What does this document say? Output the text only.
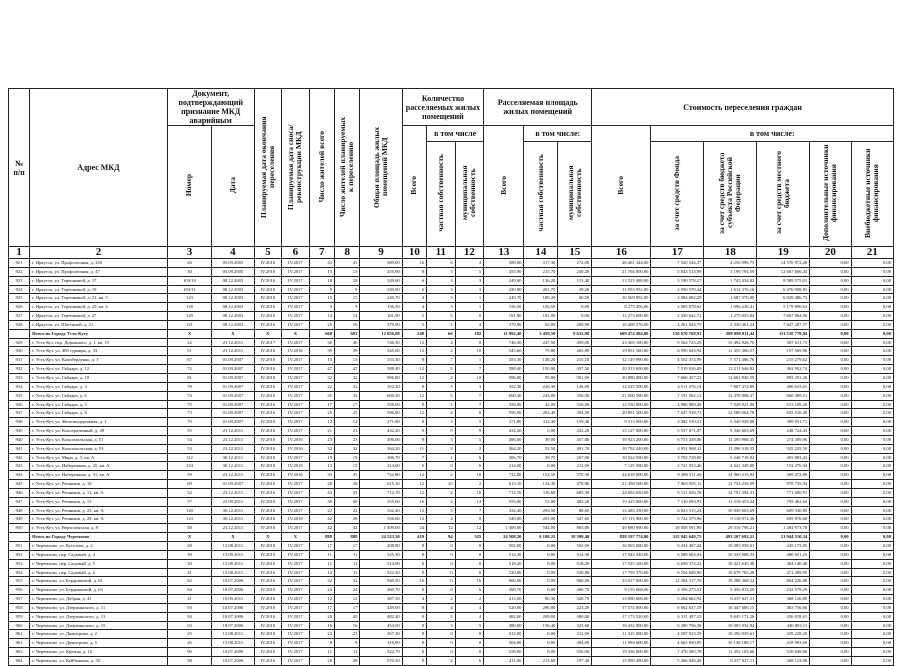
№
п/п	Адрес МКД	Документ, подтверждающий признание МКД аварийным		Планируемая дата окончания переселения	Планируемая дата сноса/реконструкции МКД	Число жителей всего	Число жителей планируемых к переселению	Общая площадь жилых помещений МКД	Количество расселяемых жилых помещений			Расселяемая площадь жилых помещений			Стоимость переселения граждан					
		Номер	Дата						Всего	в том числе		Всего	в том числе:		Всего	в том числе:				
										частная собственность	муниципальная собственность		частная собственность	муниципальная собственность		за счет средств Фонда	за счет средств бюджета субъекта Российской Федерации	за счет средств местного бюджета	Дополнительные источники финансирования	Внебюджетные источники финансирования

1	2	3	4	5	6	7	8	9	10	11	12	13	14	15	16	17	18	19	20	21
921	г. Иркутск, ул. Профсоюзная, д. 25б	26	05.09.2005	IV.2016	IV.2017	43	41	589,00	16	6	4	589,00	317,30	272,00	26 461 344,00	7 520 544,37	4 256 999,75	14 576 972,28	0,00	0,00
922	г. Иркутск, ул. Профсоюзная, д. 47	30	05.09.2005	IV.2016	IV.2017	13	13	455,90	8	3	5	455,90	215,70	240,20	21 704 000,00	5 843 514,98	3 199 794,59	12 667 666,43	0,00	0,00
923	г. Иркутск, ул. Терешковой, д. 17	103/10	08.12.2003	IV.2016	IV.2017	18	18	249,60	6	3	3	249,60	136,20	113,40	13 523 488,00	3 190 578,17	1 745 454,82	8 589 575,01	0,00	0,00
924	г. Иркутск, ул. Терешковой, д. 19	103/11	08.12.2003	IV.2016	IV.2017	9	9	230,90	6	3	3	230,90	201,70	29,20	11 053 952,00	2 950 570,44	1 614 376,16	6 476 908,81	0,00	0,00
925	г. Иркутск, ул. Терешковой, д. 21, кв. 5	123	08.12.2003	IV.2016	IV.2017	15	15	240,70	4	3	1	240,70	180,20	60,50	10 569 992,00	3 084 682,29	1 687 370,00	6 029 486,73	0,00	0,00
926	г. Иркутск, ул. Терешковой, д. 25, кв. 6	128	08.12.2003	IV.2016	IV.2017	9	9	156,50	4	3	1	156,50	156,50	0,00	8 275 456,00	2 005 078,62	1 096 230,41	5 179 896,63	0,00	0,00
927	г. Иркутск, ул. Терешковой, д. 27	129	08.12.2003	IV.2016	IV.2017	14	14	181,90	5	5	0	181,90	181,90	0,00	11 273 600,00	2 330 642,72	1 275 055,84	7 667 864,96	0,00	0,00
928	г. Иркутск, ул. Шастиной, д. 21	121	08.12.2003	IV.2016	IV.2017	25	16	379,90	5	1	4	379,90	62,00	289,90	16 408 576,00	4 261 024,79	2 330 361,24	7 847 287,57	0,00	0,00
	Итого по Городу Усть-Куту	X	X	X	X	660	603	12 056,08	248	66	182	11 992,40	3 459,50	8 632,90	609 474 484,00	150 670 768,91	208 090 911,44	111 518 779,04	0,00	0,00
929	г. Усть-Кут, пер. Дорожного, д. 1, кв. 10	22	23.12.2011	IV.2017	IV.2017	30	30	746,50	12	4	8	746,50	247,50	499,00	23 365 100,00	9 564 725,29	15 492 826,70	507 611,73	0,00	0,00
930	г. Усть-Кут, ул. 400 турнира, д. 33	51	23.12.2011	IV.2016	IV.2016	39	39	545,60	12	2	10	545,60	79,80	465,80	19 851 560,00	6 990 643,94	11 355 306,57	197 569,96	0,00	0,00
931	г. Усть-Кут, ул. Калиберденко, д. 3	67	01.09.2007	IV.2016	IV.2017	13	13	353,30	8	7	1	353,30	138,20	215,10	12 149 990,00	4 552 374,99	7 571 486,76	215 279,62	0,00	0,00
932	г. Усть-Кут, ул. Гайдара, д. 12	72	01.09.2007	IV.2016	IV.2017	47	47	588,40	12	5	7	588,40	150,90	437,50	20 313 600,00	7 519 026,09	12 211 646,82	462 952,74	0,00	0,00
933	г. Усть-Кут, ул. Гайдара, д. 18	81	01.09.2007	IV.2016	IV.2017	32	32	996,80	12	2	10	996,80	95,80	901,00	20 880 000,00	7 666 457,33	12 661 840,59	893 253,26	0,00	0,00
934	г. Усть-Кут, ул. Гайдара, д. 4	78	01.09.2007	IV.2016	IV.2017	22	22	352,30	8	5	3	352,30	226,30	126,00	12 525 500,00	4 511 376,14	7 807 472,89	406 653,01	0,00	0,00
935	г. Усть-Кут, ул. Гайдара, д. 6	74	01.09.2007	IV.2016	IV.2017	35	35	600,30	12	5	7	600,30	243,80	356,50	21 000 500,00	7 191 502,12	12 478 808,37	860 389,51	0,00	0,00
936	г. Усть-Кут, ул. Гайдара, д. 5	75	01.09.2007	IV.2016	IV.2017	17	17	358,00	8	1	7	358,00	42,00	316,00	12 530 000,00	4 986 969,49	7 029 921,00	513 109,20	0,00	0,00
937	г. Усть-Кут, ул. Гайдара, д. 8	73	01.09.2007	IV.2016	IV.2017	25	25	596,90	12	4	8	596,90	202,40	394,50	20 891 500,00	7 647 918,73	12 588 064,78	655 516,49	0,00	0,00
938	г. Усть-Кут, ул. Железнодорожная, д. 1	70	01.09.2007	IV.2016	IV.2017	12	12	271,80	8	3	5	271,80	112,40	159,40	9 513 000,00	3 482 539,21	5 540 929,08	389 931,71	0,00	0,00
939	г. Усть-Кут, ул. Кооперативный, д. 49	55	23.12.2011	IV.2016	IV.2017	21	21	432,20	9	0	9	432,20	0,00	432,20	15 127 000,00	5 537 671,87	9 340 603,69	248 724,43	0,00	0,00
940	г. Усть-Кут, ул. Комсомольская, д. 51	54	23.12.2011	IV.2016	IV.2016	23	23	496,00	8	3	5	496,00	39,00	457,00	18 923 200,00	6 753 338,06	11 295 968,35	274 309,96	0,00	0,00
941	г. Усть-Кут, ул. Комсомольская, д. 53	53	23.12.2011	IV.2016	IV.2016	32	32	364,20	11	9	2	364,20	52,50	491,70	10 792 240,00	4 951 968,11	11 296 318,55	325 225,50	0,00	0,00
942	г. Усть-Кут, ул. Мира, д. 3, кв. А	112	30.12.2011	IV.2016	IV.2017	19	19	306,70	7	1	6	306,70	39,70	267,00	10 524 500,00	3 702 728,00	6 246 718,82	455 983,42	0,00	0,00
943	г. Усть-Кут, ул. Набережная, д. 25, кв. А	134	30.12.2011	IV.2016	IV.2018	13	13	214,00	6	0	6	214,00	0,00	214,00	7 125 500,00	2 741 933,46	4 641 349,00	152 276,94	0,00	0,00
944	г. Усть-Кут, ул. Набережная, д. 31, кв. А	59	23.12.2011	IV.2016	IV.2016	35	35	722,80	12	2	10	722,80	152,50	570,30	24 618 000,00	9 288 311,26	14 960 215,94	369 472,80	0,00	0,00
945	г. Усть-Кут, ул. Речников, д. 10	69	01.09.2007	IV.2016	IV.2017	28	28	615,10	12	10	2	615,10	134,30	478,80	21 458 500,00	7 865 505,11	12 734 239,09	878 735,94	0,00	0,00
946	г. Усть-Кут, ул. Речников, д. 11, кв. А	52	23.12.2011	IV.2016	IV.2017	43	43	712,70	12	2	10	712,70	116,60	605,30	24 694 630,00	9 131 656,78	14 791 394,31	771 600,91	0,00	0,00
947	г. Усть-Кут, ул. Речников, д. 13	57	23.09.2011	IV.2016	IV.2017	30	30	555,00	16	2	14	555,00	72,80	482,20	19 425 000,00	7 110 093,93	11 519 453,44	795 462,64	0,00	0,00
948	г. Усть-Кут, ул. Речников, д. 23, кв. А	120	30.12.2011	IV.2016	IV.2017	22	22	332,40	12	5	7	332,40	293,50	88,60	14 483 250,00	6 023 315,24	10 049 603,69	609 330,85	0,00	0,00
949	г. Усть-Кут, ул. Речников, д. 29, кв. А	123	30.12.2011	IV.2016	IV.2018	42	38	556,60	12	4	8	549,00	201,00	347,60	15 115 900,00	5 722 379,96	9 118 972,36	695 876,68	0,00	0,00
950	г. Усть-Кут, ул. Верхоленская, д. 8	58	23.12.2011	IV.2016	IV.2017	42	42	1 409,00	24	12	12	1 409,00	544,00	865,00	49 880 990,00	18 058 591,90	29 316 796,21	1 484 973,78	0,00	0,00
	Итого по Городу Черемхово	X	X	X	X	888	888	24 523,30	419	94	325	24 508,20	6 100,25	18 399,40	828 197 774,00	315 945 640,75	493 207 692,21	21 944 510,34	0,00	0,00
951	г. Черемхово, ул. Кутузова, д. 2	28	15.08.2011	IV.2016	IV.2017	17	17	498,80	8	0	8	502,00	0,00	502,00	16 965 600,00	6 434 467,44	10 085 958,61	445 173,95	0,00	0,00
952	г. Черемхово, пер. Садовый, д. 4	39	15.09.2011	IV.2015	IV.2017	11	11	525,30	8	0	8	514,30	0,00	514,30	17 343 340,00	6 589 604,04	10 333 088,35	480 651,25	0,00	0,00
953	г. Черемхово, пер. Садовый, д. 5	30	15.08.2011	IV.2016	IV.2017	11	11	514,90	8	0	8	518,20	0,00	518,20	17 525 160,00	6 639 374,22	10 421 645,38	464 140,40	0,00	0,00
954	г. Черемхово, пер. Садовый, д. 6	31	15.08.2011	IV.2016	IV.2017	14	11	522,30	8	0	8	520,80	0,00	520,80	17 793 370,00	6 704 608,90	10 679 765,28	471 499,95	0,00	0,00
955	г. Черемхово, ул. Бердниковой, д. 61	62	10.07.2006	IV.2016	IV.2017	32	32	940,50	16	0	16	960,00	0,00	960,00	33 617 000,00	12 364 317,70	19 288 368,32	864 226,88	0,00	0,00
956	г. Черемхово, ул. Бердниковой, д. 63	64	10.07.2006	IV.2016	IV.2017	24	24	260,70	6	0	6	260,70	0,00	260,70	9 135 668,00	3 356 275,51	5 456 813,20	232 579,29	0,00	0,00
957	г. Черемхово, ул. Добрая, д. 41	31	10.09.2011	IV.2016	IV.2017	12	12	387,50	4	2	2	413,00	90,30	328,70	13 090 608,00	5 264 662,94	8 237 627,11	368 126,80	0,00	0,00
958	г. Черемхово, ул. Дзержинского, д. 11	93	10.07.2006	IV.2016	IV.2017	17	17	449,00	8	4	4	520,00	296,80	223,20	17 574 000,00	6 662 637,19	10 447 606,15	463 756,66	0,00	0,00
959	г. Черемхово, ул. Дзержинского, д. 13	94	10.07.2006	IV.2016	IV.2017	20	20	482,40	9	5	4	482,00	209,00	480,00	17 173 520,00	6 311 497,13	9 645 171,26	436 818,61	0,00	0,00
960	г. Черемхово, ул. Дзержинского, д. 15	63	10.07.2006	IV.2016	IV.2017	16	16	454,50	8	3	5	480,00	156,40	323,60	16 432 800,00	6 280 756,39	10 005 932,94	446 803,11	0,00	0,00
961	г. Черемхово, ул. Димитрова, д. 2	25	15.08.2011	IV.2016	IV.2017	23	23	267,30	8	0	8	312,00	0,00	312,00	11 325 000,00	4 507 923,39	10 296 929,61	429 228,20	0,00	0,00
962	г. Черемхово, ул. Димитрова, д. 5	26	15.08.2011	IV.2016	IV.2017	8	8	316,90	8	0	8	304,00	0,00	304,00	11 993 600,00	4 665 850,85	10 138 188,17	418 993,60	0,00	0,00
963	г. Черемхово, ул. Кремля, д. 10	90	10.07.2006	IV.2016	IV.2017	11	11	522,70	8	0	8	556,00	0,00	556,00	19 336 000,00	7 470 300,78	11 452 103,66	510 049,96	0,00	0,00
964	г. Черемхово, ул. Куйбышева, д. 35	58	10.07.2006	IV.2016	IV.2017	28	28	670,30	8	2	6	411,00	213,60	197,40	15 890 490,00	5 266 049,49	8 237 627,11	368 123,96	0,00	0,00
